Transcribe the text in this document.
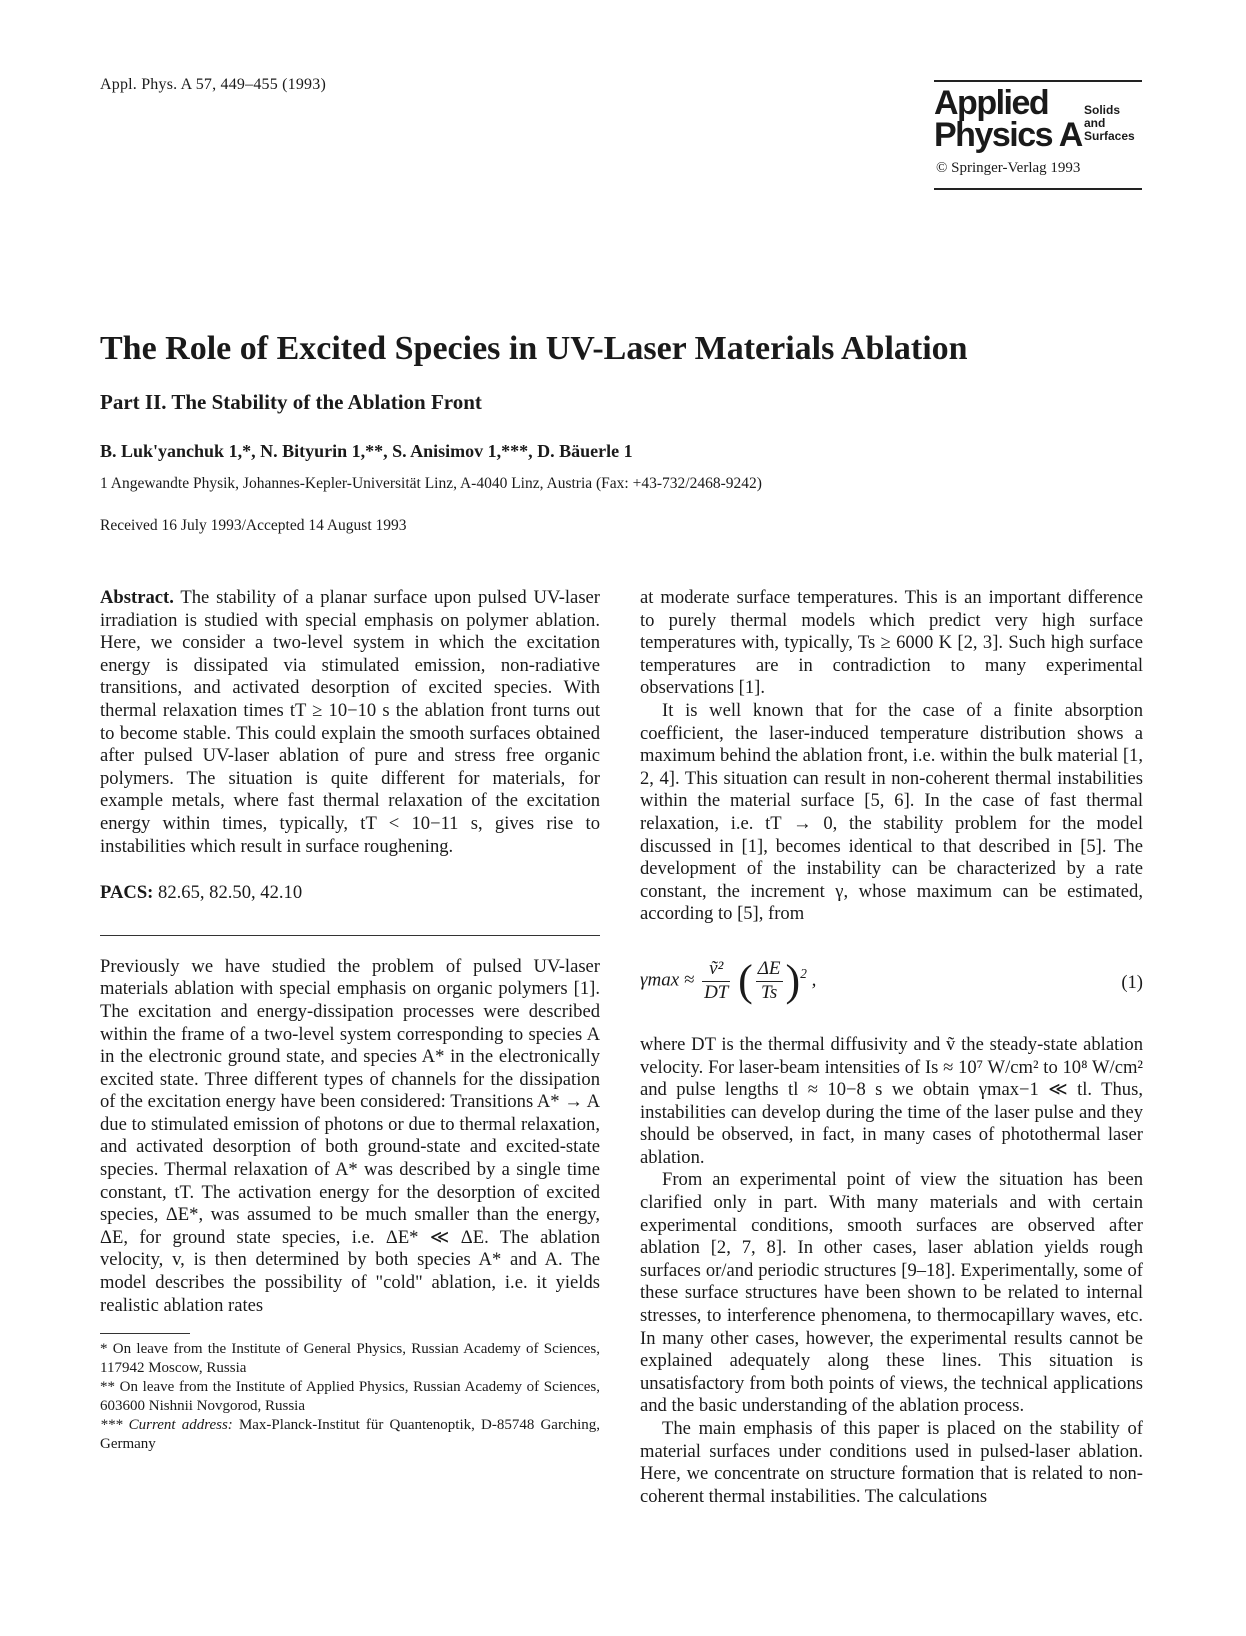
Appl. Phys. A 57, 449–455 (1993)	Applied
Physics A
Solids
and
Surfaces
© Springer-Verlag 1993
The Role of Excited Species in UV-Laser Materials Ablation
Part II. The Stability of the Ablation Front
B. Luk'yanchuk 1,*, N. Bityurin 1,**, S. Anisimov 1,***, D. Bäuerle 1
1 Angewandte Physik, Johannes-Kepler-Universität Linz, A-4040 Linz, Austria (Fax: +43-732/2468-9242)
Received 16 July 1993/Accepted 14 August 1993

Abstract. The stability of a planar surface upon pulsed UV-laser irradiation is studied with special emphasis on polymer ablation. Here, we consider a two-level system in which the excitation energy is dissipated via stimulated emission, non-radiative transitions, and activated desorption of excited species. With thermal relaxation times tT ≥ 10−10 s the ablation front turns out to become stable. This could explain the smooth surfaces obtained after pulsed UV-laser ablation of pure and stress free organic polymers. The situation is quite different for materials, for example metals, where fast thermal relaxation of the excitation energy within times, typically, tT < 10−11 s, gives rise to instabilities which result in surface roughening.

PACS: 82.65, 82.50, 42.10

Previously we have studied the problem of pulsed UV-laser materials ablation with special emphasis on organic polymers [1]. The excitation and energy-dissipation processes were described within the frame of a two-level system corresponding to species A in the electronic ground state, and species A* in the electronically excited state. Three different types of channels for the dissipation of the excitation energy have been considered: Transitions A* → A due to stimulated emission of photons or due to thermal relaxation, and activated desorption of both ground-state and excited-state species. Thermal relaxation of A* was described by a single time constant, tT. The activation energy for the desorption of excited species, ΔE*, was assumed to be much smaller than the energy, ΔE, for ground state species, i.e. ΔE* ≪ ΔE. The ablation velocity, v, is then determined by both species A* and A. The model describes the possibility of "cold" ablation, i.e. it yields realistic ablation rates

* On leave from the Institute of General Physics, Russian Academy of Sciences, 117942 Moscow, Russia

** On leave from the Institute of Applied Physics, Russian Academy of Sciences, 603600 Nishnii Novgorod, Russia

*** Current address: Max-Planck-Institut für Quantenoptik, D-85748 Garching, Germany

at moderate surface temperatures. This is an important difference to purely thermal models which predict very high surface temperatures with, typically, Ts ≥ 6000 K [2, 3]. Such high surface temperatures are in contradiction to many experimental observations [1].

It is well known that for the case of a finite absorption coefficient, the laser-induced temperature distribution shows a maximum behind the ablation front, i.e. within the bulk material [1, 2, 4]. This situation can result in non-coherent thermal instabilities within the material surface [5, 6]. In the case of fast thermal relaxation, i.e. tT → 0, the stability problem for the model discussed in [1], becomes identical to that described in [5]. The development of the instability can be characterized by a rate constant, the increment γ, whose maximum can be estimated, according to [5], from

$\gamma\max \approx \frac{\text{ṽ²}}{DT}$ ( $\frac{\Delta E}{Ts} )^2$ ,	(1)

where DT is the thermal diffusivity and ṽ the steady-state ablation velocity. For laser-beam intensities of Is ≈ 10⁷ W/cm² to 10⁸ W/cm² and pulse lengths tl ≈ 10−8 s we obtain γmax−1 ≪ tl. Thus, instabilities can develop during the time of the laser pulse and they should be observed, in fact, in many cases of photothermal laser ablation.

From an experimental point of view the situation has been clarified only in part. With many materials and with certain experimental conditions, smooth surfaces are observed after ablation [2, 7, 8]. In other cases, laser ablation yields rough surfaces or/and periodic structures [9–18]. Experimentally, some of these surface structures have been shown to be related to internal stresses, to interference phenomena, to thermocapillary waves, etc. In many other cases, however, the experimental results cannot be explained adequately along these lines. This situation is unsatisfactory from both points of views, the technical applications and the basic understanding of the ablation process.

The main emphasis of this paper is placed on the stability of material surfaces under conditions used in pulsed-laser ablation. Here, we concentrate on structure formation that is related to non-coherent thermal instabilities. The calculations
